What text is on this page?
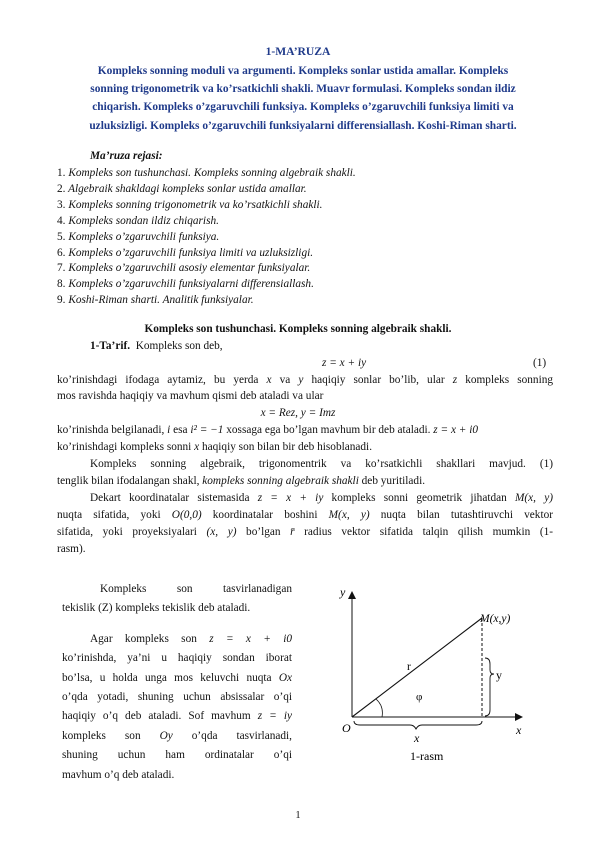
1-MA’RUZA
Kompleks sonning moduli va argumenti. Kompleks sonlar ustida amallar. Kompleks
sonning trigonometrik va ko’rsatkichli shakli. Muavr formulasi. Kompleks sondan ildiz
chiqarish. Kompleks o’zgaruvchili funksiya. Kompleks o’zgaruvchili funksiya limiti va
uzluksizligi. Kompleks o’zgaruvchili funksiyalarni differensiallash. Koshi-Riman sharti.
Ma’ruza rejasi:
1. Kompleks son tushunchasi. Kompleks sonning algebraik shakli.
2. Algebraik shakldagi kompleks sonlar ustida amallar.
3. Kompleks sonning trigonometrik va ko’rsatkichli shakli.
4. Kompleks sondan ildiz chiqarish.
5. Kompleks o’zgaruvchili funksiya.
6. Kompleks o’zgaruvchili funksiya limiti va uzluksizligi.
7. Kompleks o’zgaruvchili asosiy elementar funksiyalar.
8. Kompleks o’zgaruvchili funksiyalarni differensiallash.
9. Koshi-Riman sharti. Analitik funksiyalar.
Kompleks son tushunchasi. Kompleks sonning algebraik shakli.
1-Ta’rif. Kompleks son deb,
z = x + iy	(1)
ko’rinishdagi ifodaga aytamiz, bu yerda x va y haqiqiy sonlar bo’lib, ular z kompleks sonning
mos ravishda haqiqiy va mavhum qismi deb ataladi va ular
x = Rez, y = Imz
ko’rinishda belgilanadi, i esa i² = −1 xossaga ega bo’lgan mavhum bir deb ataladi. z = x + i0
ko’rinishdagi kompleks sonni x haqiqiy son bilan bir deb hisoblanadi.
Kompleks sonning algebraik, trigonomentrik va ko’rsatkichli shakllari mavjud. (1)
tenglik bilan ifodalangan shakl, kompleks sonning algebraik shakli deb yuritiladi.
Dekart koordinatalar sistemasida z = x + iy kompleks sonni geometrik jihatdan M(x, y)
nuqta sifatida, yoki O(0,0) koordinatalar boshini M(x, y) nuqta bilan tutashtiruvchi vektor
sifatida, yoki proyeksiyalari (x, y) bo’lgan r̄ radius vektor sifatida talqin qilish mumkin (1-
rasm).
Kompleks son tasvirlanadigan
tekislik (Z) kompleks tekislik deb ataladi.
Agar kompleks son z = x + i0
ko’rinishda, ya’ni u haqiqiy sondan iborat
bo’lsa, u holda unga mos keluvchi nuqta Ox
o’qda yotadi, shuning uchun absissalar o’qi
haqiqiy o’q deb ataladi. Sof mavhum z = iy
kompleks son Oy o’qda tasvirlanadi,
shuning uchun ham ordinatalar o’qi
mavhum o’q deb ataladi.
y
x
O
M(x,y)
r
φ
y
x
1-rasm
1
